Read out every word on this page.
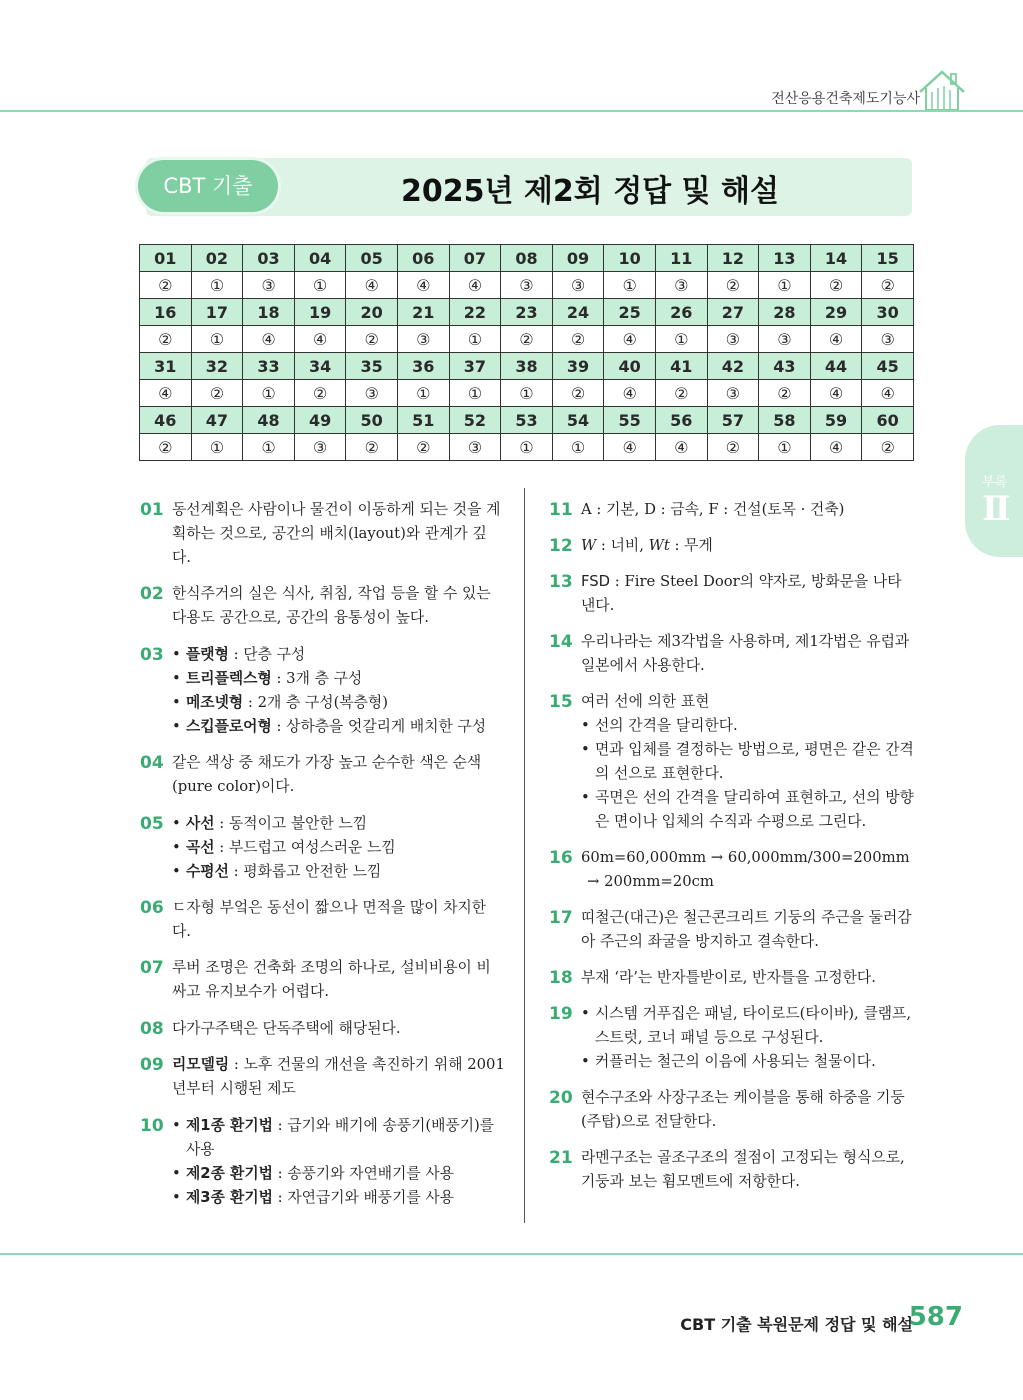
전산응용건축제도기능사
CBT 기출	2025년 제2회 정답 및 해설
01	02	03	04	05	06	07	08	09	10	11	12	13	14	15
②	①	③	①	④	④	④	③	③	①	③	②	①	②	②
16	17	18	19	20	21	22	23	24	25	26	27	28	29	30
②	①	④	④	②	③	①	②	②	④	①	③	③	④	③
31	32	33	34	35	36	37	38	39	40	41	42	43	44	45
④	②	①	②	③	①	①	①	②	④	②	③	②	④	④
46	47	48	49	50	51	52	53	54	55	56	57	58	59	60
②	①	①	③	②	②	③	①	①	④	④	②	①	④	②
부록
Ⅱ
01 동선계획은 사람이나 물건이 이동하게 되는 것을 계획하는 것으로, 공간의 배치(layout)와 관계가 깊다.
02 한식주거의 실은 식사, 취침, 작업 등을 할 수 있는 다용도 공간으로, 공간의 융통성이 높다.
03	• 플랫형 : 단층 구성
• 트리플렉스형 : 3개 층 구성
• 메조넷형 : 2개 층 구성(복층형)
• 스킵플로어형 : 상하층을 엇갈리게 배치한 구성
04 같은 색상 중 채도가 가장 높고 순수한 색은 순색(pure color)이다.
05	• 사선 : 동적이고 불안한 느낌
• 곡선 : 부드럽고 여성스러운 느낌
• 수평선 : 평화롭고 안전한 느낌
06 ㄷ자형 부엌은 동선이 짧으나 면적을 많이 차지한다.
07 루버 조명은 건축화 조명의 하나로, 설비비용이 비싸고 유지보수가 어렵다.
08 다가구주택은 단독주택에 해당된다.
09 리모델링 : 노후 건물의 개선을 촉진하기 위해 2001년부터 시행된 제도
10	• 제1종 환기법 : 급기와 배기에 송풍기(배풍기)를 사용
• 제2종 환기법 : 송풍기와 자연배기를 사용
• 제3종 환기법 : 자연급기와 배풍기를 사용
11 A : 기본, D : 금속, F : 건설(토목 · 건축)
12 W : 너비, Wt : 무게
13 FSD : Fire Steel Door의 약자로, 방화문을 나타낸다.
14 우리나라는 제3각법을 사용하며, 제1각법은 유럽과 일본에서 사용한다.
15 여러 선에 의한 표현
• 선의 간격을 달리한다.
• 면과 입체를 결정하는 방법으로, 평면은 같은 간격의 선으로 표현한다.
• 곡면은 선의 간격을 달리하여 표현하고, 선의 방향은 면이나 입체의 수직과 수평으로 그린다.
16 60m=60,000mm → 60,000mm/300=200mm
→ 200mm=20cm
17 띠철근(대근)은 철근콘크리트 기둥의 주근을 둘러감아 주근의 좌굴을 방지하고 결속한다.
18 부재 ‘라’는 반자틀받이로, 반자틀을 고정한다.
19	• 시스템 거푸집은 패널, 타이로드(타이바), 클램프, 스트럿, 코너 패널 등으로 구성된다.
• 커플러는 철근의 이음에 사용되는 철물이다.
20 현수구조와 사장구조는 케이블을 통해 하중을 기둥(주탑)으로 전달한다.
21 라멘구조는 골조구조의 절점이 고정되는 형식으로, 기둥과 보는 휨모멘트에 저항한다.
CBT 기출 복원문제 정답 및 해설
587
